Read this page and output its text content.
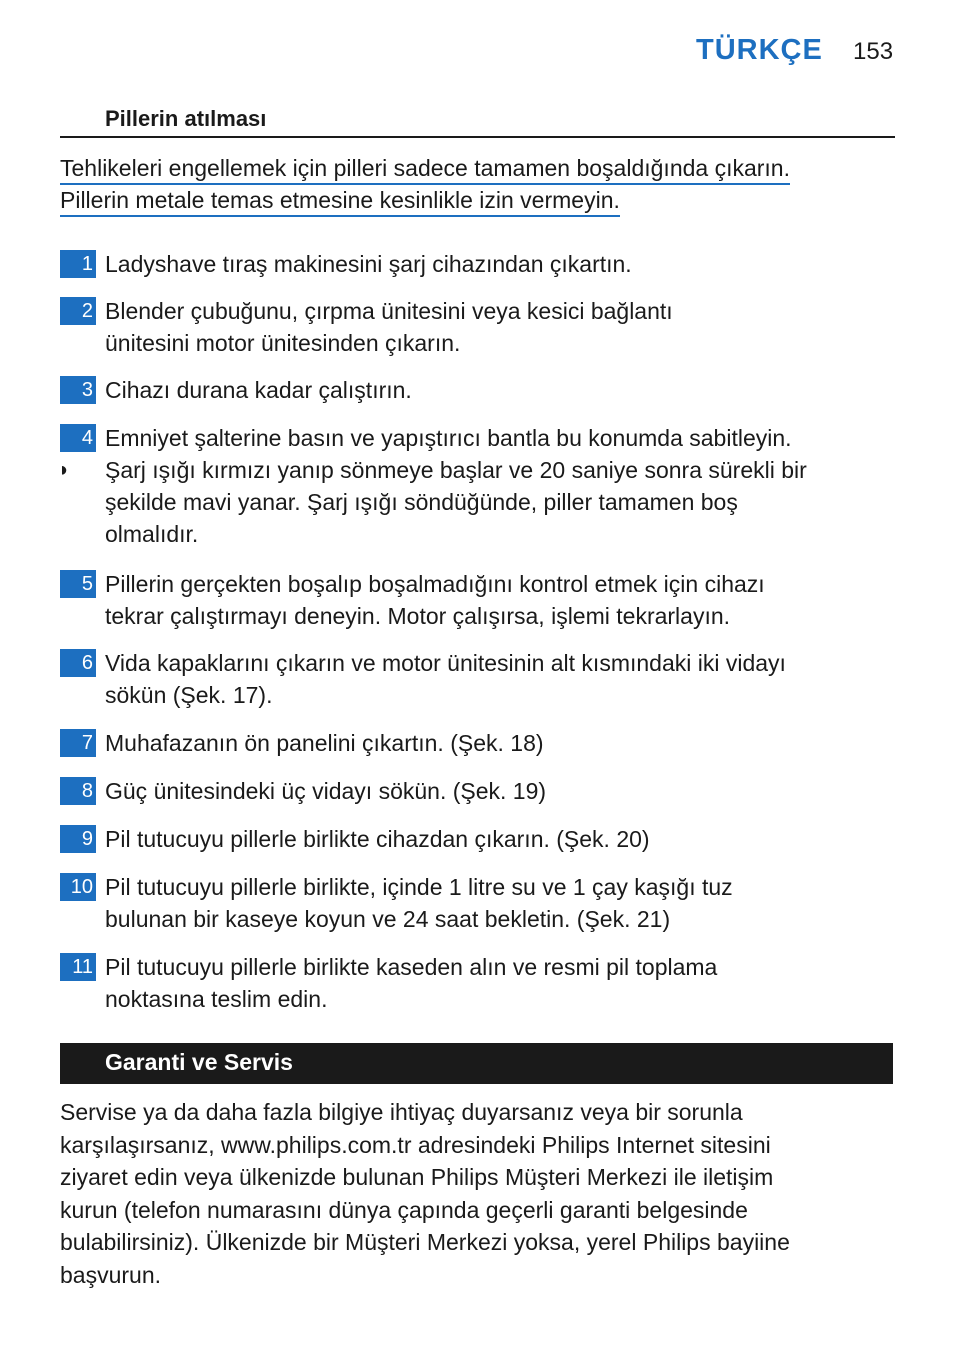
TÜRKÇE 153
Pillerin atılması
Tehlikeleri engellemek için pilleri sadece tamamen boşaldığında çıkarın.
Pillerin metale temas etmesine kesinlikle izin vermeyin.
1 Ladyshave tıraş makinesini şarj cihazından çıkartın.
2 Blender çubuğunu, çırpma ünitesini veya kesici bağlantı
ünitesini motor ünitesinden çıkarın.
3 Cihazı durana kadar çalıştırın.
4 Emniyet şalterine basın ve yapıştırıcı bantla bu konumda sabitleyin.
◗ Şarj ışığı kırmızı yanıp sönmeye başlar ve 20 saniye sonra sürekli bir
şekilde mavi yanar. Şarj ışığı söndüğünde, piller tamamen boş
olmalıdır.
5 Pillerin gerçekten boşalıp boşalmadığını kontrol etmek için cihazı
tekrar çalıştırmayı deneyin. Motor çalışırsa, işlemi tekrarlayın.
6 Vida kapaklarını çıkarın ve motor ünitesinin alt kısmındaki iki vidayı
sökün (Şek. 17).
7 Muhafazanın ön panelini çıkartın. (Şek. 18)
8 Güç ünitesindeki üç vidayı sökün. (Şek. 19)
9 Pil tutucuyu pillerle birlikte cihazdan çıkarın. (Şek. 20)
10 Pil tutucuyu pillerle birlikte, içinde 1 litre su ve 1 çay kaşığı tuz
bulunan bir kaseye koyun ve 24 saat bekletin. (Şek. 21)
11 Pil tutucuyu pillerle birlikte kaseden alın ve resmi pil toplama
noktasına teslim edin.
Garanti ve Servis
Servise ya da daha fazla bilgiye ihtiyaç duyarsanız veya bir sorunla
karşılaşırsanız, www.philips.com.tr adresindeki Philips Internet sitesini
ziyaret edin veya ülkenizde bulunan Philips Müşteri Merkezi ile iletişim
kurun (telefon numarasını dünya çapında geçerli garanti belgesinde
bulabilirsiniz). Ülkenizde bir Müşteri Merkezi yoksa, yerel Philips bayiine
başvurun.
